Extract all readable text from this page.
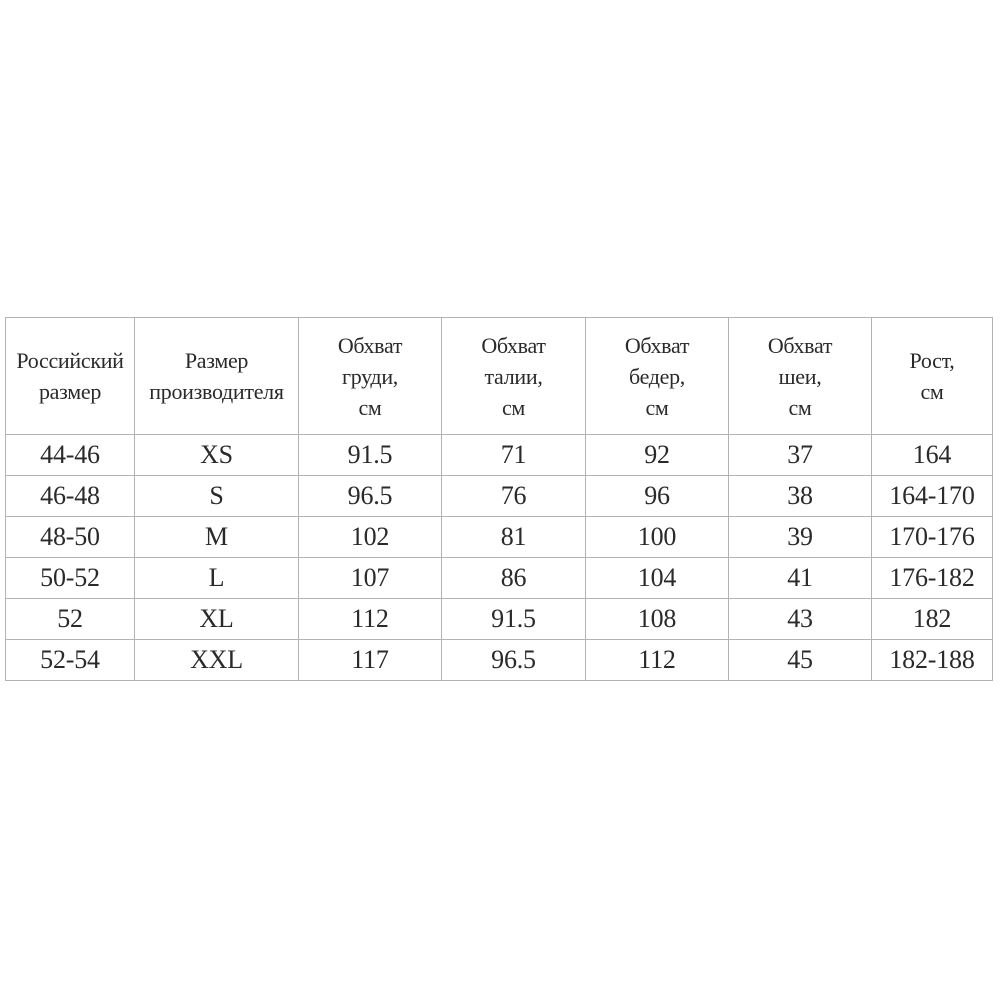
Российский
размер	Размер
производителя	Обхват
груди,
см	Обхват
талии,
см	Обхват
бедер,
см	Обхват
шеи,
см	Рост,
см

44-46	XS	91.5	71	92	37	164
46-48	S	96.5	76	96	38	164-170
48-50	M	102	81	100	39	170-176
50-52	L	107	86	104	41	176-182
52	XL	112	91.5	108	43	182
52-54	XXL	117	96.5	112	45	182-188
